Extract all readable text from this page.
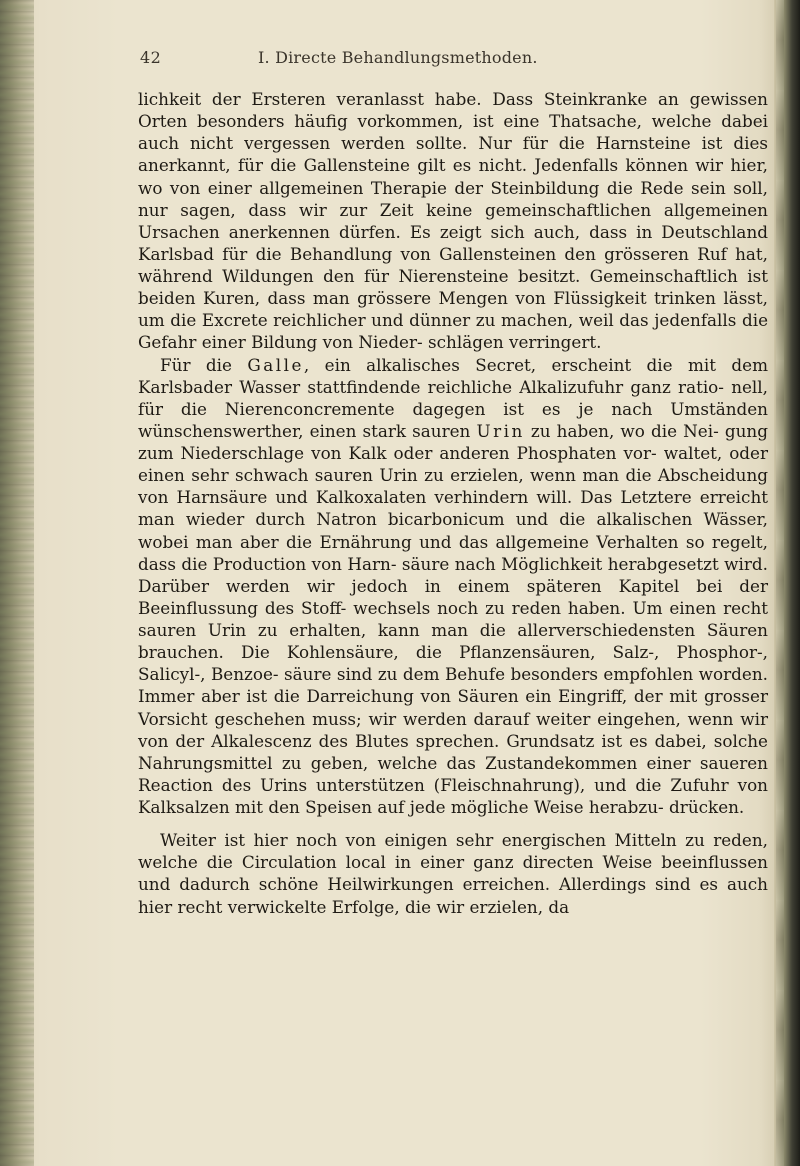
42	I. Directe Behandlungsmethoden.

lichkeit der Ersteren veranlasst habe. Dass Steinkranke an gewissen Orten besonders häufig vorkommen, ist eine Thatsache, welche dabei auch nicht vergessen werden sollte. Nur für die Harnsteine ist dies anerkannt, für die Gallensteine gilt es nicht. Jedenfalls können wir hier, wo von einer allgemeinen Therapie der Steinbildung die Rede sein soll, nur sagen, dass wir zur Zeit keine gemeinschaftlichen allgemeinen Ursachen anerkennen dürfen. Es zeigt sich auch, dass in Deutschland Karlsbad für die Behandlung von Gallensteinen den grösseren Ruf hat, während Wildungen den für Nierensteine besitzt. Gemeinschaftlich ist beiden Kuren, dass man grössere Mengen von Flüssigkeit trinken lässt, um die Excrete reichlicher und dünner zu machen, weil das jedenfalls die Gefahr einer Bildung von Nieder- schlägen verringert.

Für die Galle, ein alkalisches Secret, erscheint die mit dem Karlsbader Wasser stattfindende reichliche Alkalizufuhr ganz ratio- nell, für die Nierenconcremente dagegen ist es je nach Umständen wünschenswerther, einen stark sauren Urin zu haben, wo die Nei- gung zum Niederschlage von Kalk oder anderen Phosphaten vor- waltet, oder einen sehr schwach sauren Urin zu erzielen, wenn man die Abscheidung von Harnsäure und Kalkoxalaten verhindern will. Das Letztere erreicht man wieder durch Natron bicarbonicum und die alkalischen Wässer, wobei man aber die Ernährung und das allgemeine Verhalten so regelt, dass die Production von Harn- säure nach Möglichkeit herabgesetzt wird. Darüber werden wir jedoch in einem späteren Kapitel bei der Beeinflussung des Stoff- wechsels noch zu reden haben. Um einen recht sauren Urin zu erhalten, kann man die allerverschiedensten Säuren brauchen. Die Kohlensäure, die Pflanzensäuren, Salz-, Phosphor-, Salicyl-, Benzoe- säure sind zu dem Behufe besonders empfohlen worden. Immer aber ist die Darreichung von Säuren ein Eingriff, der mit grosser Vorsicht geschehen muss; wir werden darauf weiter eingehen, wenn wir von der Alkalescenz des Blutes sprechen. Grundsatz ist es dabei, solche Nahrungsmittel zu geben, welche das Zustandekommen einer saueren Reaction des Urins unterstützen (Fleischnahrung), und die Zufuhr von Kalksalzen mit den Speisen auf jede mögliche Weise herabzu- drücken.

Weiter ist hier noch von einigen sehr energischen Mitteln zu reden, welche die Circulation local in einer ganz directen Weise beeinflussen und dadurch schöne Heilwirkungen erreichen. Allerdings sind es auch hier recht verwickelte Erfolge, die wir erzielen, da
